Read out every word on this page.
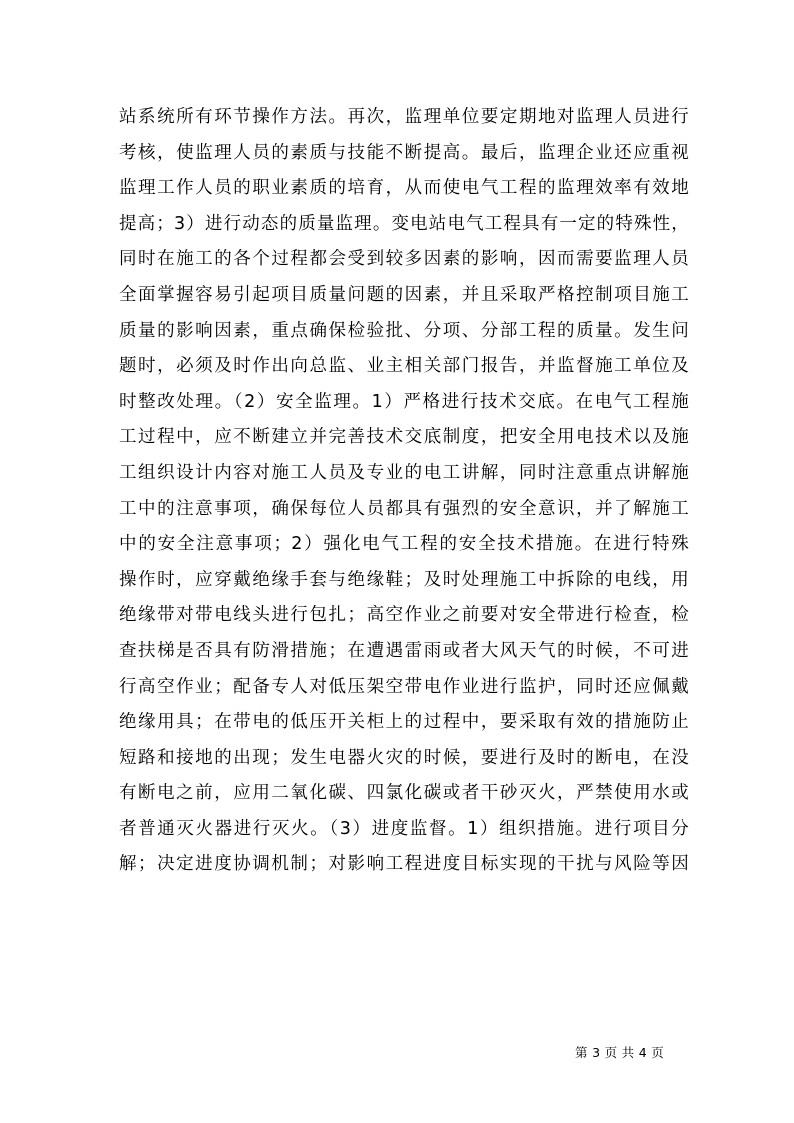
站系统所有环节操作方法。再次，监理单位要定期地对监理人员进行
考核，使监理人员的素质与技能不断提高。最后，监理企业还应重视
监理工作人员的职业素质的培育，从而使电气工程的监理效率有效地
提高；3）进行动态的质量监理。变电站电气工程具有一定的特殊性，
同时在施工的各个过程都会受到较多因素的影响，因而需要监理人员
全面掌握容易引起项目质量问题的因素，并且采取严格控制项目施工
质量的影响因素，重点确保检验批、分项、分部工程的质量。发生问
题时，必须及时作出向总监、业主相关部门报告，并监督施工单位及
时整改处理。（2）安全监理。1）严格进行技术交底。在电气工程施
工过程中，应不断建立并完善技术交底制度，把安全用电技术以及施
工组织设计内容对施工人员及专业的电工讲解，同时注意重点讲解施
工中的注意事项，确保每位人员都具有强烈的安全意识，并了解施工
中的安全注意事项；2）强化电气工程的安全技术措施。在进行特殊
操作时，应穿戴绝缘手套与绝缘鞋；及时处理施工中拆除的电线，用
绝缘带对带电线头进行包扎；高空作业之前要对安全带进行检查，检
查扶梯是否具有防滑措施；在遭遇雷雨或者大风天气的时候，不可进
行高空作业；配备专人对低压架空带电作业进行监护，同时还应佩戴
绝缘用具；在带电的低压开关柜上的过程中，要采取有效的措施防止
短路和接地的出现；发生电器火灾的时候，要进行及时的断电，在没
有断电之前，应用二氧化碳、四氯化碳或者干砂灭火，严禁使用水或
者普通灭火器进行灭火。（3）进度监督。1）组织措施。进行项目分
解；决定进度协调机制；对影响工程进度目标实现的干扰与风险等因
第 3 页 共 4 页
